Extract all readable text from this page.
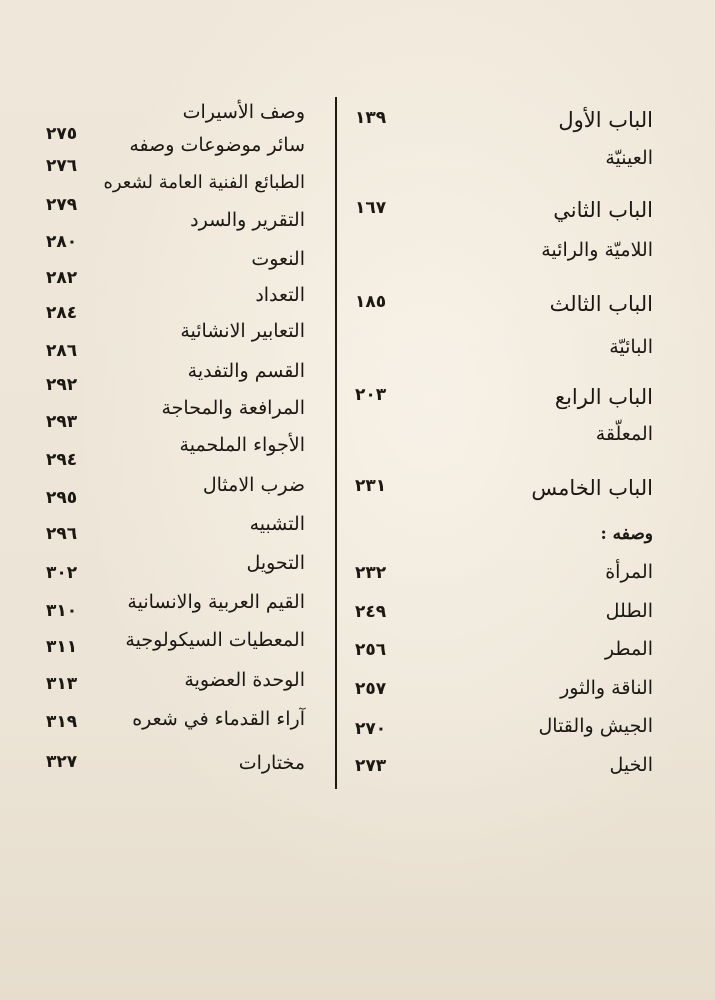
الباب الأول
١٣٩
العينيّة
الباب الثاني
١٦٧
اللاميّة والرائية
الباب الثالث
١٨٥
البائيّة
الباب الرابع
٢٠٣
المعلّقة
الباب الخامس
٢٣١
وصفه :
المرأة
٢٣٢
الطلل
٢٤٩
المطر
٢٥٦
الناقة والثور
٢٥٧
الجيش والقتال
٢٧٠
الخيل
٢٧٣
وصف الأسيرات
٢٧٥	سائر موضوعات وصفه
٢٧٦
الطبائع الفنية العامة لشعره
٢٧٩
التقرير والسرد
٢٨٠
النعوت
٢٨٢
التعداد
٢٨٤
التعابير الانشائية
٢٨٦
القسم والتفدية
٢٩٢
المرافعة والمحاجة
٢٩٣
الأجواء الملحمية
٢٩٤
ضرب الامثال
٢٩٥
التشبيه
٢٩٦
التحويل
٣٠٢
القيم العربية والانسانية
٣١٠
المعطيات السيكولوجية
٣١١
الوحدة العضوية
٣١٣
آراء القدماء في شعره
٣١٩
مختارات
٣٢٧
